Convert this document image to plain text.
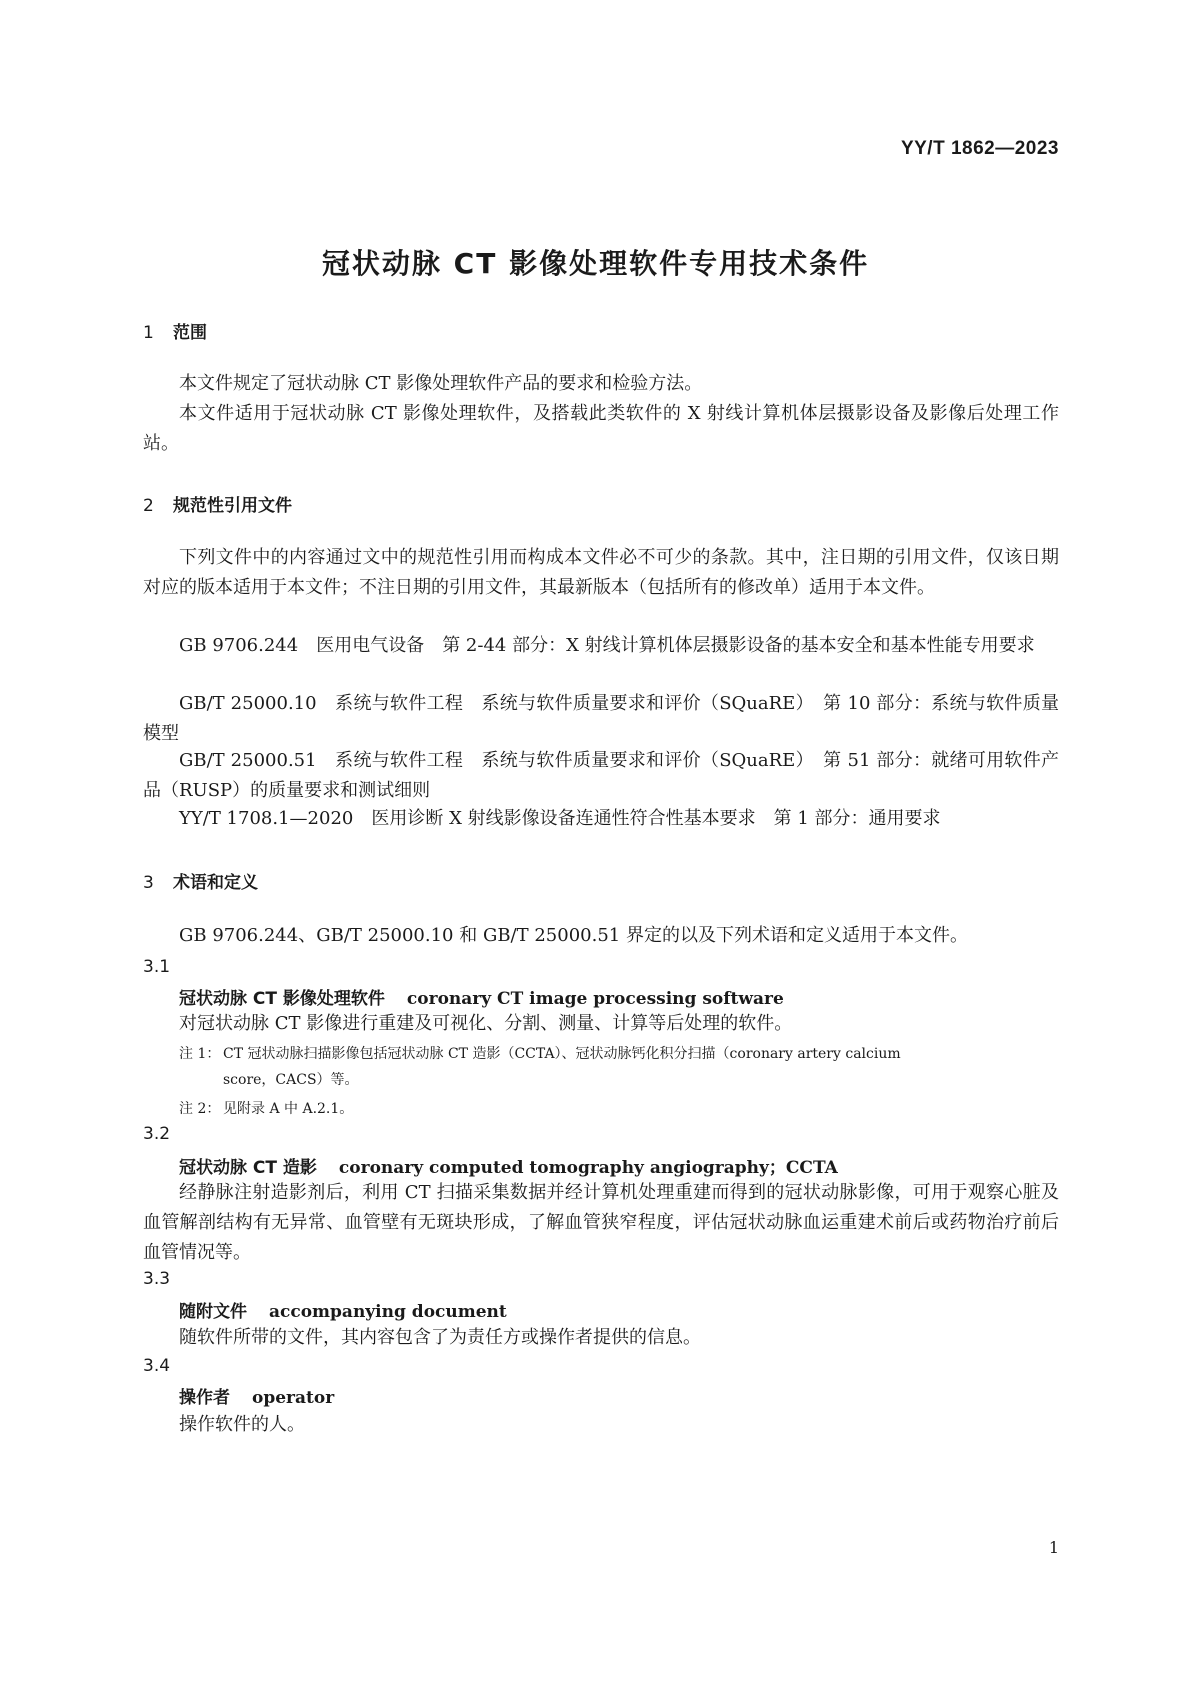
YY/T 1862—2023
冠状动脉 CT 影像处理软件专用技术条件
1 范围
本文件规定了冠状动脉 CT 影像处理软件产品的要求和检验方法。
本文件适用于冠状动脉 CT 影像处理软件，及搭载此类软件的 X 射线计算机体层摄影设备及影像后处理工作站。
2 规范性引用文件
下列文件中的内容通过文中的规范性引用而构成本文件必不可少的条款。其中，注日期的引用文件，仅该日期对应的版本适用于本文件；不注日期的引用文件，其最新版本（包括所有的修改单）适用于本文件。
GB 9706.244　医用电气设备　第 2-44 部分：X 射线计算机体层摄影设备的基本安全和基本性能专用要求
GB/T 25000.10　系统与软件工程　系统与软件质量要求和评价（SQuaRE）　第 10 部分：系统与软件质量模型
GB/T 25000.51　系统与软件工程　系统与软件质量要求和评价（SQuaRE）　第 51 部分：就绪可用软件产品（RUSP）的质量要求和测试细则
YY/T 1708.1—2020　医用诊断 X 射线影像设备连通性符合性基本要求　第 1 部分：通用要求
3 术语和定义
GB 9706.244、GB/T 25000.10 和 GB/T 25000.51 界定的以及下列术语和定义适用于本文件。
3.1
冠状动脉 CT 影像处理软件 coronary CT image processing software
对冠状动脉 CT 影像进行重建及可视化、分割、测量、计算等后处理的软件。
注 1： CT 冠状动脉扫描影像包括冠状动脉 CT 造影（CCTA）、冠状动脉钙化积分扫描（coronary artery calcium
score，CACS）等。
注 2： 见附录 A 中 A.2.1。
3.2
冠状动脉 CT 造影 coronary computed tomography angiography；CCTA
经静脉注射造影剂后，利用 CT 扫描采集数据并经计算机处理重建而得到的冠状动脉影像，可用于观察心脏及血管解剖结构有无异常、血管壁有无斑块形成，了解血管狭窄程度，评估冠状动脉血运重建术前后或药物治疗前后血管情况等。
3.3
随附文件 accompanying document
随软件所带的文件，其内容包含了为责任方或操作者提供的信息。
3.4
操作者 operator
操作软件的人。
1
